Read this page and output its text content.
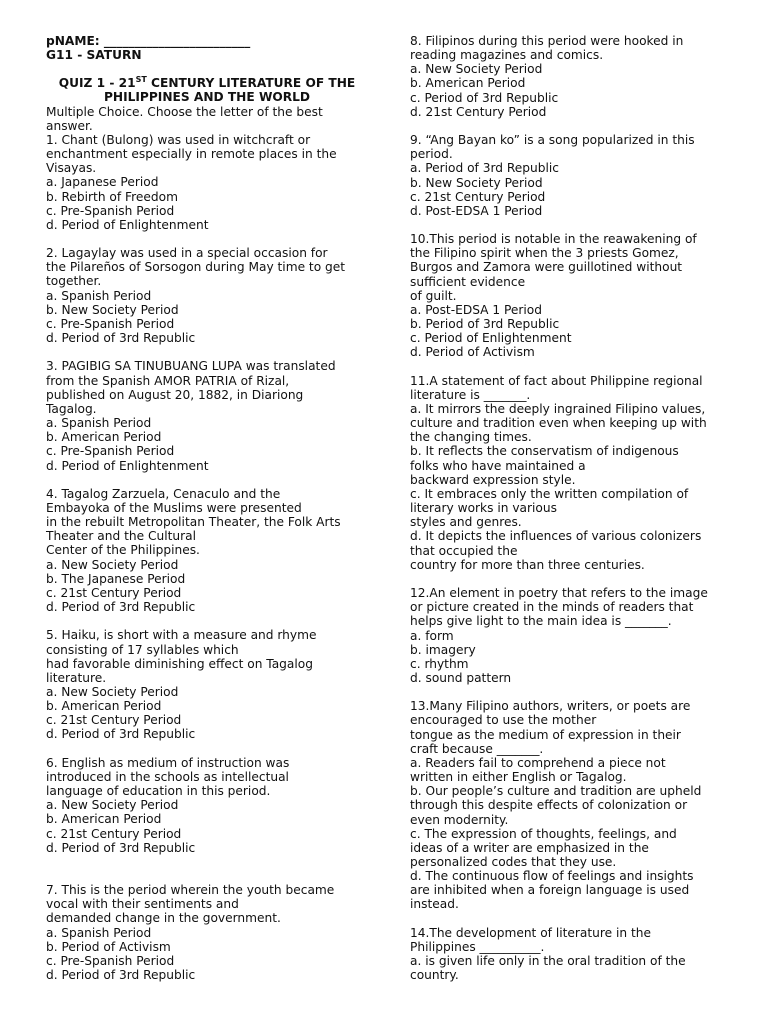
pNAME: ________________________
G11 - SATURN
QUIZ 1 - 21ST CENTURY LITERATURE OF THE
PHILIPPINES AND THE WORLD
Multiple Choice. Choose the letter of the best
answer.
1. Chant (Bulong) was used in witchcraft or
enchantment especially in remote places in the
Visayas.
a. Japanese Period
b. Rebirth of Freedom
c. Pre-Spanish Period
d. Period of Enlightenment
2. Lagaylay was used in a special occasion for
the Pilareños of Sorsogon during May time to get
together.
a. Spanish Period
b. New Society Period
c. Pre-Spanish Period
d. Period of 3rd Republic
3. PAGIBIG SA TINUBUANG LUPA was translated
from the Spanish AMOR PATRIA of Rizal,
published on August 20, 1882, in Diariong
Tagalog.
a. Spanish Period
b. American Period
c. Pre-Spanish Period
d. Period of Enlightenment
4. Tagalog Zarzuela, Cenaculo and the
Embayoka of the Muslims were presented
in the rebuilt Metropolitan Theater, the Folk Arts
Theater and the Cultural
Center of the Philippines.
a. New Society Period
b. The Japanese Period
c. 21st Century Period
d. Period of 3rd Republic
5. Haiku, is short with a measure and rhyme
consisting of 17 syllables which
had favorable diminishing effect on Tagalog
literature.
a. New Society Period
b. American Period
c. 21st Century Period
d. Period of 3rd Republic
6. English as medium of instruction was
introduced in the schools as intellectual
language of education in this period.
a. New Society Period
b. American Period
c. 21st Century Period
d. Period of 3rd Republic
7. This is the period wherein the youth became
vocal with their sentiments and
demanded change in the government.
a. Spanish Period
b. Period of Activism
c. Pre-Spanish Period
d. Period of 3rd Republic
8. Filipinos during this period were hooked in
reading magazines and comics.
a. New Society Period
b. American Period
c. Period of 3rd Republic
d. 21st Century Period
9. “Ang Bayan ko” is a song popularized in this
period.
a. Period of 3rd Republic
b. New Society Period
c. 21st Century Period
d. Post-EDSA 1 Period
10.This period is notable in the reawakening of
the Filipino spirit when the 3 priests Gomez,
Burgos and Zamora were guillotined without
sufficient evidence
of guilt.
a. Post-EDSA 1 Period
b. Period of 3rd Republic
c. Period of Enlightenment
d. Period of Activism
11.A statement of fact about Philippine regional
literature is _______.
a. It mirrors the deeply ingrained Filipino values,
culture and tradition even when keeping up with
the changing times.
b. It reflects the conservatism of indigenous
folks who have maintained a
backward expression style.
c. It embraces only the written compilation of
literary works in various
styles and genres.
d. It depicts the influences of various colonizers
that occupied the
country for more than three centuries.
12.An element in poetry that refers to the image
or picture created in the minds of readers that
helps give light to the main idea is _______.
a. form
b. imagery
c. rhythm
d. sound pattern
13.Many Filipino authors, writers, or poets are
encouraged to use the mother
tongue as the medium of expression in their
craft because _______.
a. Readers fail to comprehend a piece not
written in either English or Tagalog.
b. Our people’s culture and tradition are upheld
through this despite effects of colonization or
even modernity.
c. The expression of thoughts, feelings, and
ideas of a writer are emphasized in the
personalized codes that they use.
d. The continuous flow of feelings and insights
are inhibited when a foreign language is used
instead.
14.The development of literature in the
Philippines __________.
a. is given life only in the oral tradition of the
country.
